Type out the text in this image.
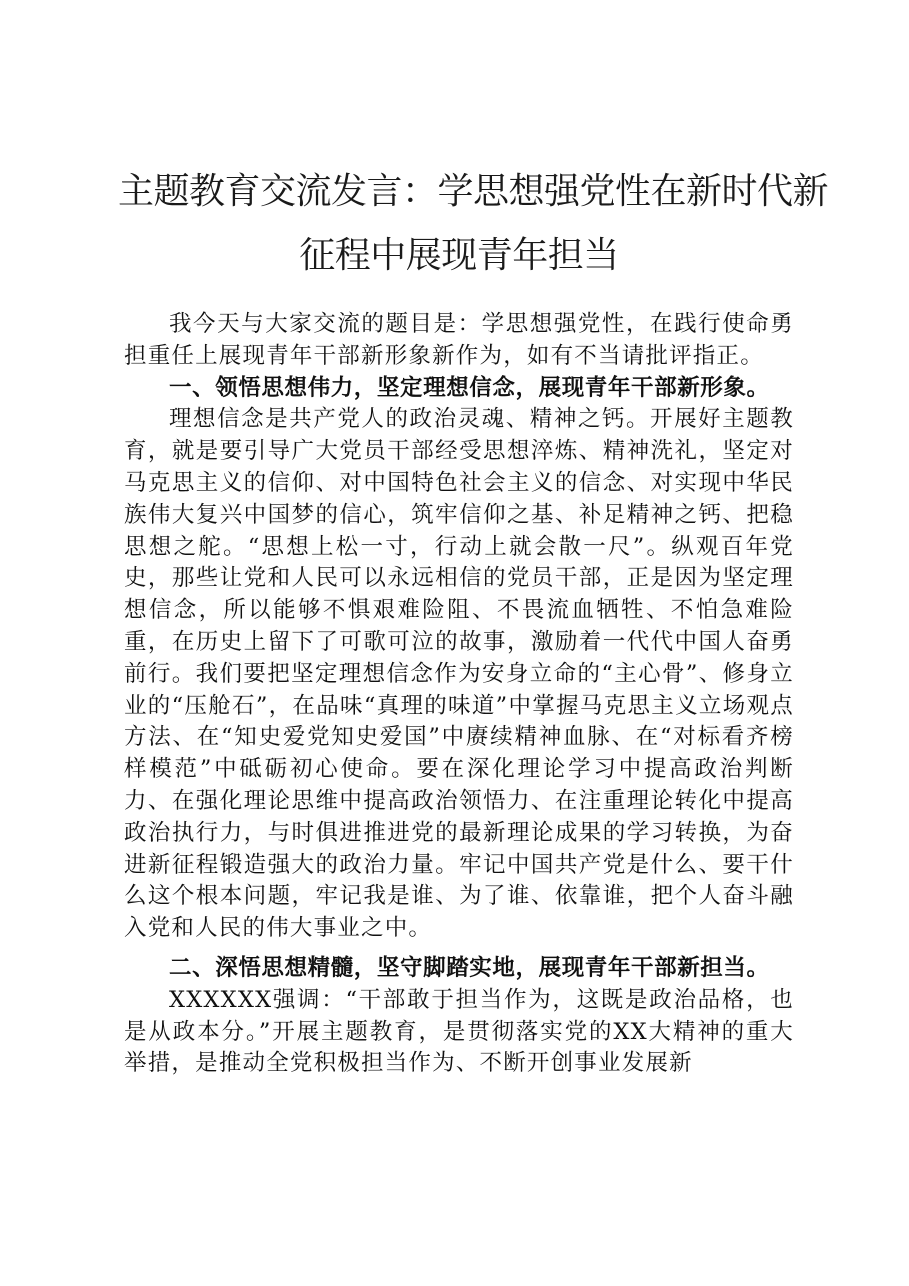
主题教育交流发言：学思想强党性在新时代新
征程中展现青年担当

我今天与大家交流的题目是：学思想强党性，在践行使命勇担重任上展现青年干部新形象新作为，如有不当请批评指正。

一、领悟思想伟力，坚定理想信念，展现青年干部新形象。

理想信念是共产党人的政治灵魂、精神之钙。开展好主题教育，就是要引导广大党员干部经受思想淬炼、精神洗礼，坚定对马克思主义的信仰、对中国特色社会主义的信念、对实现中华民族伟大复兴中国梦的信心，筑牢信仰之基、补足精神之钙、把稳思想之舵。“思想上松一寸，行动上就会散一尺”。纵观百年党史，那些让党和人民可以永远相信的党员干部，正是因为坚定理想信念，所以能够不惧艰难险阻、不畏流血牺牲、不怕急难险重，在历史上留下了可歌可泣的故事，激励着一代代中国人奋勇前行。我们要把坚定理想信念作为安身立命的“主心骨”、修身立业的“压舱石”，在品味“真理的味道”中掌握马克思主义立场观点方法、在“知史爱党知史爱国”中赓续精神血脉、在“对标看齐榜样模范”中砥砺初心使命。要在深化理论学习中提高政治判断力、在强化理论思维中提高政治领悟力、在注重理论转化中提高政治执行力，与时俱进推进党的最新理论成果的学习转换，为奋进新征程锻造强大的政治力量。牢记中国共产党是什么、要干什么这个根本问题，牢记我是谁、为了谁、依靠谁，把个人奋斗融入党和人民的伟大事业之中。

二、深悟思想精髓，坚守脚踏实地，展现青年干部新担当。

XXXXXX强调：“干部敢于担当作为，这既是政治品格，也是从政本分。”开展主题教育，是贯彻落实党的XX大精神的重大举措，是推动全党积极担当作为、不断开创事业发展新
